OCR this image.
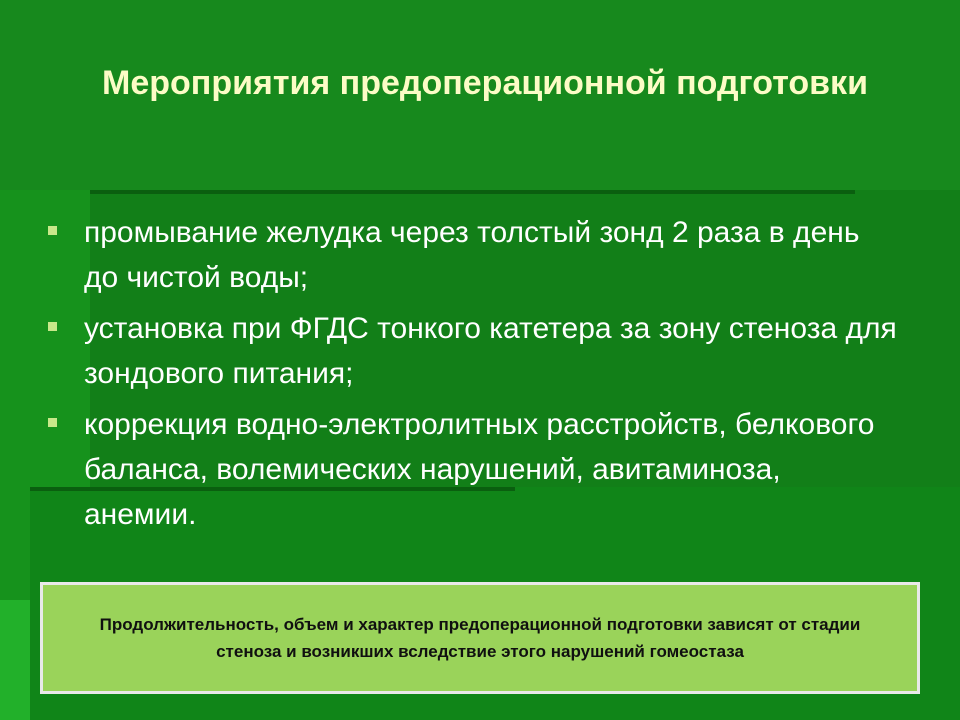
Мероприятия предоперационной подготовки
промывание желудка через толстый зонд 2 раза в день до чистой воды;
установка при ФГДС тонкого катетера за зону стеноза для зондового питания;
коррекция водно-электролитных расстройств, белкового баланса, волемических нарушений, авитаминоза, анемии.
Продолжительность, объем и характер предоперационной подготовки зависят от стадии стеноза и возникших вследствие этого нарушений гомеостаза
